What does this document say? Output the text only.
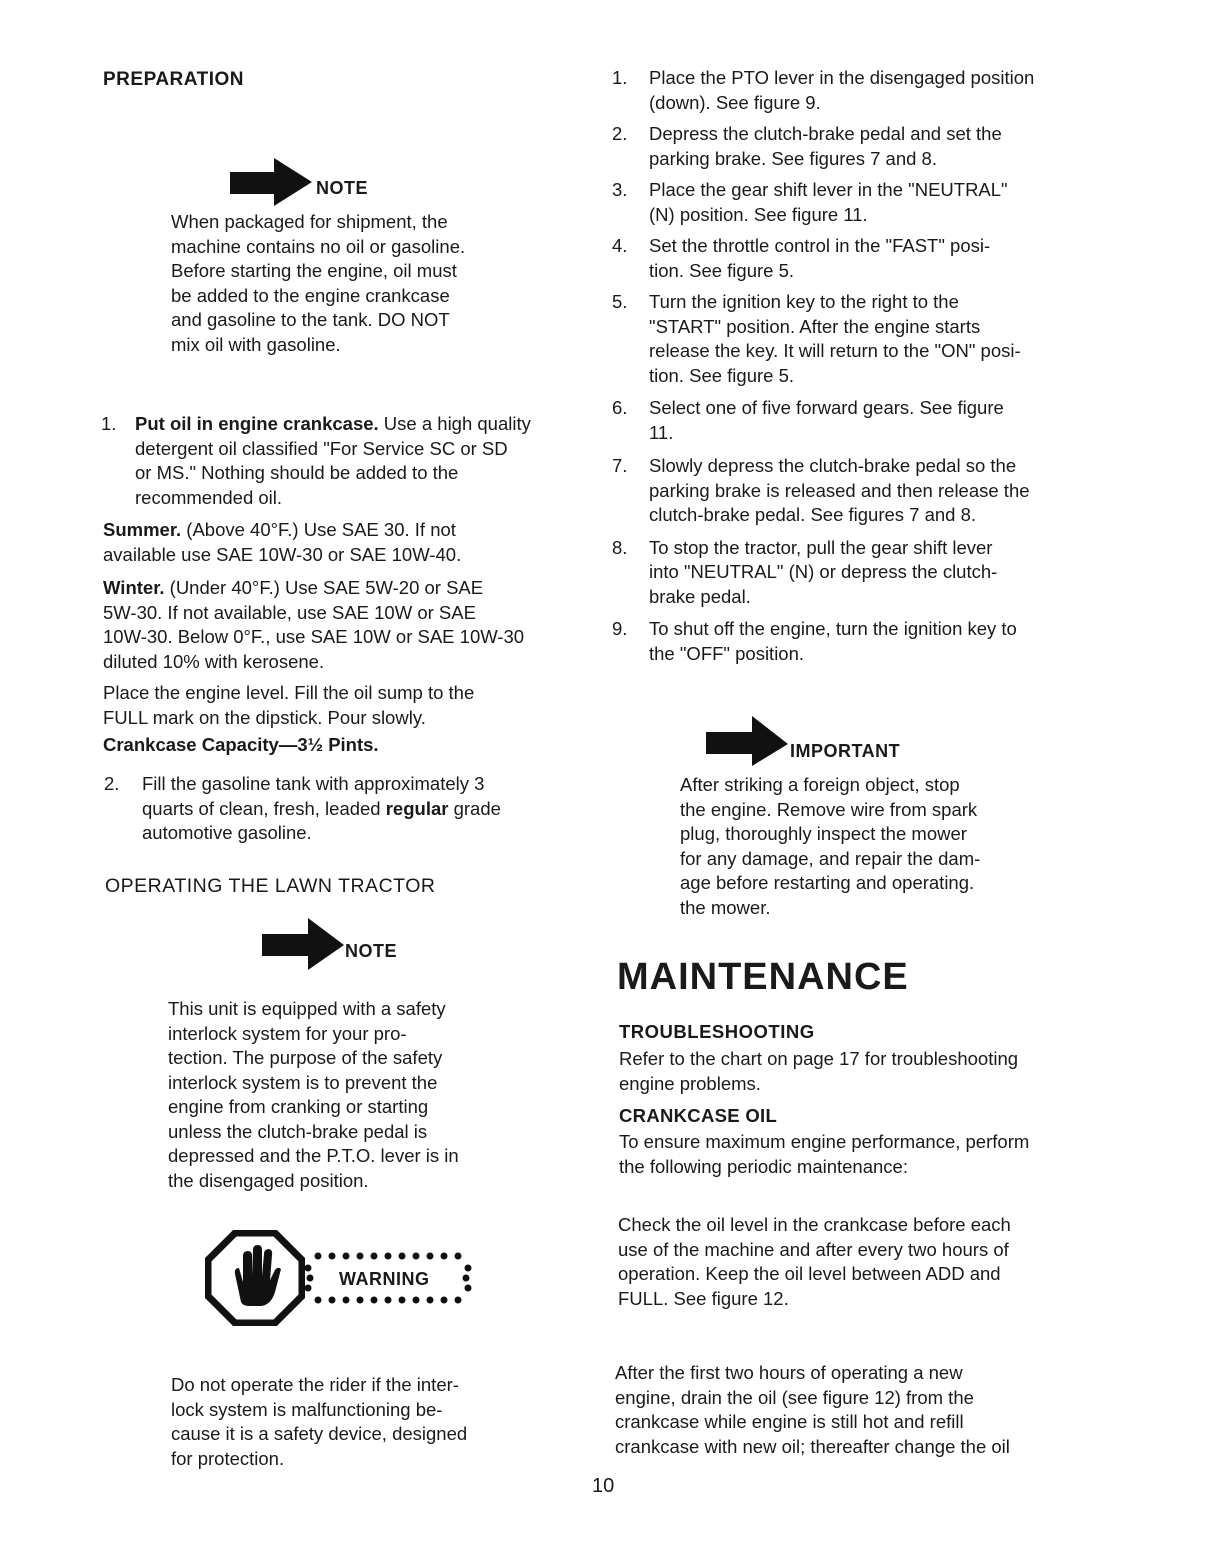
PREPARATION
NOTE
When packaged for shipment, the
machine contains no oil or gasoline.
Before starting the engine, oil must
be added to the engine crankcase
and gasoline to the tank. DO NOT
mix oil with gasoline.
1. Put oil in engine crankcase. Use a high quality
detergent oil classified "For Service SC or SD
or MS." Nothing should be added to the
recommended oil.
Summer. (Above 40°F.) Use SAE 30. If not
available use SAE 10W-30 or SAE 10W-40.
Winter. (Under 40°F.) Use SAE 5W-20 or SAE
5W-30. If not available, use SAE 10W or SAE
10W-30. Below 0°F., use SAE 10W or SAE 10W-30
diluted 10% with kerosene.
Place the engine level. Fill the oil sump to the
FULL mark on the dipstick. Pour slowly.
Crankcase Capacity—3½ Pints.
2. Fill the gasoline tank with approximately 3
quarts of clean, fresh, leaded regular grade
automotive gasoline.
OPERATING THE LAWN TRACTOR
NOTE
This unit is equipped with a safety
interlock system for your pro-
tection. The purpose of the safety
interlock system is to prevent the
engine from cranking or starting
unless the clutch-brake pedal is
depressed and the P.T.O. lever is in
the disengaged position.
WARNING
Do not operate the rider if the inter-
lock system is malfunctioning be-
cause it is a safety device, designed
for protection.
1. Place the PTO lever in the disengaged position
(down). See figure 9.
2. Depress the clutch-brake pedal and set the
parking brake. See figures 7 and 8.
3. Place the gear shift lever in the "NEUTRAL"
(N) position. See figure 11.
4. Set the throttle control in the "FAST" posi-
tion. See figure 5.
5. Turn the ignition key to the right to the
"START" position. After the engine starts
release the key. It will return to the "ON" posi-
tion. See figure 5.
6. Select one of five forward gears. See figure
11.
7. Slowly depress the clutch-brake pedal so the
parking brake is released and then release the
clutch-brake pedal. See figures 7 and 8.
8. To stop the tractor, pull the gear shift lever
into "NEUTRAL" (N) or depress the clutch-
brake pedal.
9. To shut off the engine, turn the ignition key to
the "OFF" position.
IMPORTANT
After striking a foreign object, stop
the engine. Remove wire from spark
plug, thoroughly inspect the mower
for any damage, and repair the dam-
age before restarting and operating.
the mower.
MAINTENANCE
TROUBLESHOOTING
Refer to the chart on page 17 for troubleshooting
engine problems.
CRANKCASE OIL
To ensure maximum engine performance, perform
the following periodic maintenance:
Check the oil level in the crankcase before each
use of the machine and after every two hours of
operation. Keep the oil level between ADD and
FULL. See figure 12.
After the first two hours of operating a new
engine, drain the oil (see figure 12) from the
crankcase while engine is still hot and refill
crankcase with new oil; thereafter change the oil
10
